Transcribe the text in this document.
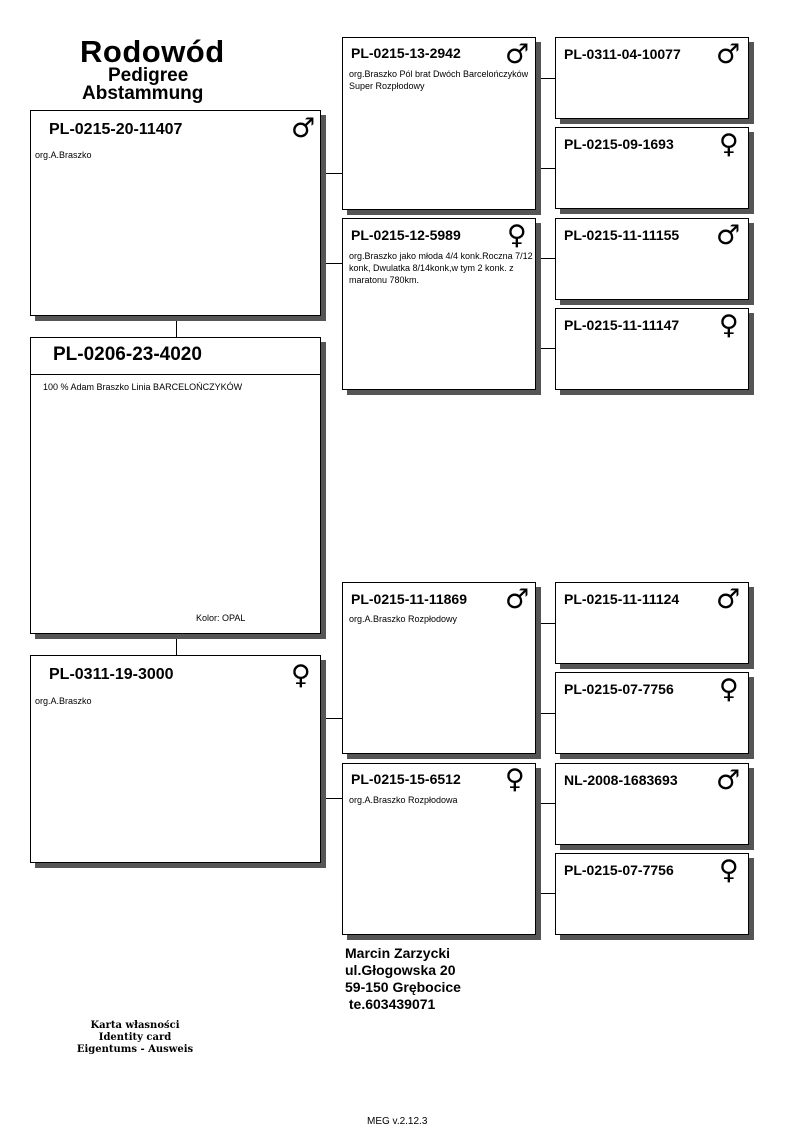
Rodowód
Pedigree
Abstammung
PL-0215-20-11407	♂
org.A.Braszko
PL-0206-23-4020
100 % Adam Braszko Linia BARCELOŃCZYKÓW
Kolor: OPAL
PL-0311-19-3000	♀
org.A.Braszko
PL-0215-13-2942 ♂
org.Braszko Pól brat Dwóch Barcelończyków Super Rozpłodowy
PL-0215-12-5989 ♀
org.Braszko jako młoda 4/4 konk.Roczna 7/12 konk, Dwulatka 8/14konk,w tym 2 konk. z maratonu 780km.
PL-0215-11-11869 ♂
org.A.Braszko Rozpłodowy
PL-0215-15-6512 ♀
org.A.Braszko Rozpłodowa
PL-0311-04-10077 ♂
PL-0215-09-1693 ♀
PL-0215-11-11155 ♂
PL-0215-11-11147 ♀
PL-0215-11-11124 ♂
PL-0215-07-7756 ♀
NL-2008-1683693 ♂
PL-0215-07-7756 ♀
Marcin Zarzycki
ul.Głogowska 20
59-150 Grębocice
te.603439071
Karta własności
Identity card
Eigentums - Ausweis
MEG v.2.12.3
